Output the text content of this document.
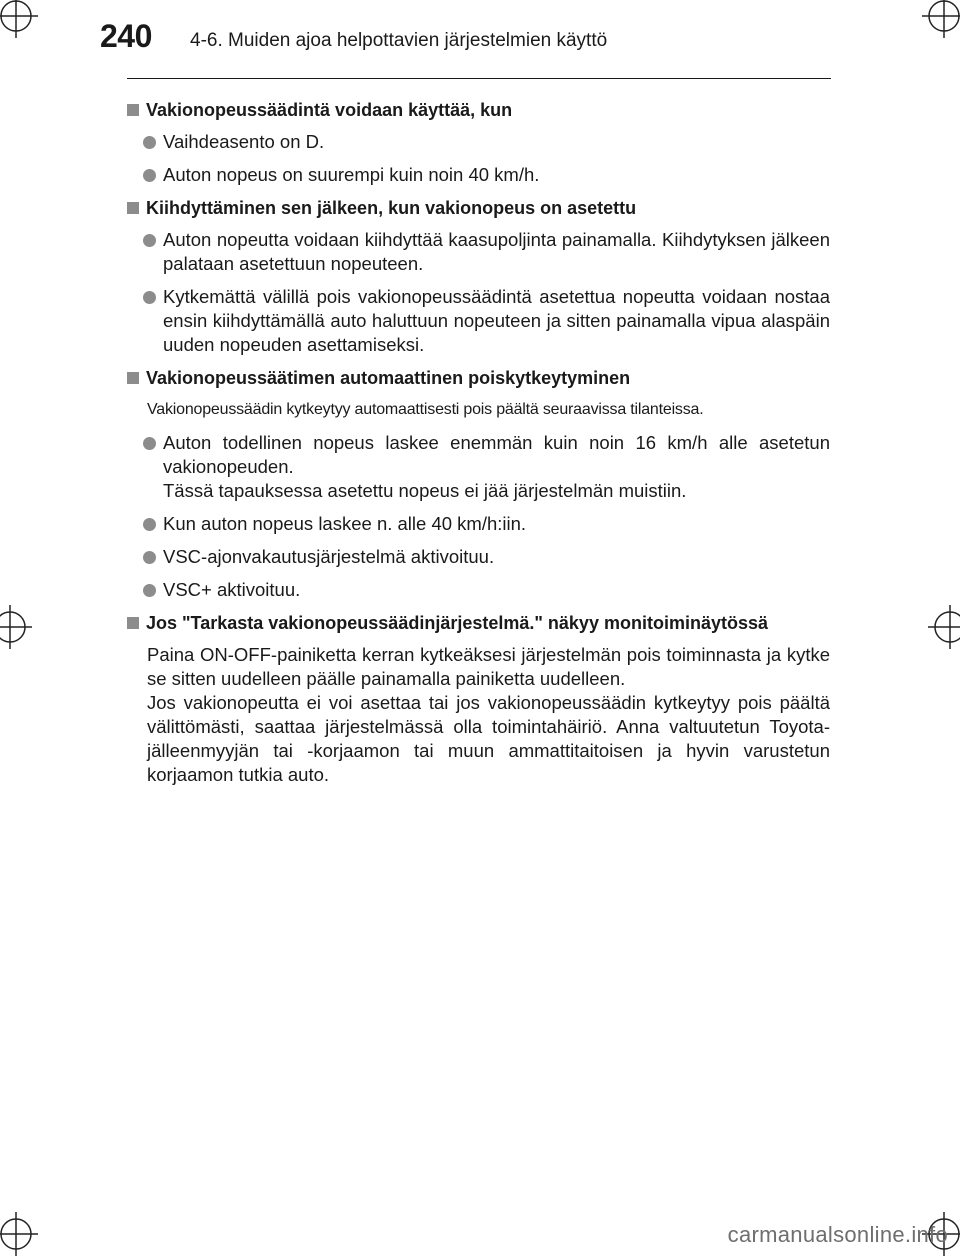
240 4-6. Muiden ajoa helpottavien järjestelmien käyttö
Vakionopeussäädintä voidaan käyttää, kun

Vaihdeasento on D.

Auton nopeus on suurempi kuin noin 40 km/h.

Kiihdyttäminen sen jälkeen, kun vakionopeus on asetettu

Auton nopeutta voidaan kiihdyttää kaasupoljinta painamalla. Kiihdytyksen jälkeen palataan asetettuun nopeuteen.

Kytkemättä välillä pois vakionopeussäädintä asetettua nopeutta voidaan nostaa ensin kiihdyttämällä auto haluttuun nopeuteen ja sitten painamalla vipua alaspäin uuden nopeuden asettamiseksi.

Vakionopeussäätimen automaattinen poiskytkeytyminen

Vakionopeussäädin kytkeytyy automaattisesti pois päältä seuraavissa tilanteissa.

Auton todellinen nopeus laskee enemmän kuin noin 16 km/h alle asetetun vakionopeuden.

Tässä tapauksessa asetettu nopeus ei jää järjestelmän muistiin.

Kun auton nopeus laskee n. alle 40 km/h:iin.

VSC-ajonvakautusjärjestelmä aktivoituu.

VSC+ aktivoituu.

Jos "Tarkasta vakionopeussäädinjärjestelmä." näkyy monitoiminäytössä

Paina ON-OFF-painiketta kerran kytkeäksesi järjestelmän pois toiminnasta ja kytke se sitten uudelleen päälle painamalla painiketta uudelleen.

Jos vakionopeutta ei voi asettaa tai jos vakionopeussäädin kytkeytyy pois päältä välittömästi, saattaa järjestelmässä olla toimintahäiriö. Anna valtuutetun Toyota-jälleenmyyjän tai -korjaamon tai muun ammattitaitoisen ja hyvin varustetun korjaamon tutkia auto.

carmanualsonline.info
